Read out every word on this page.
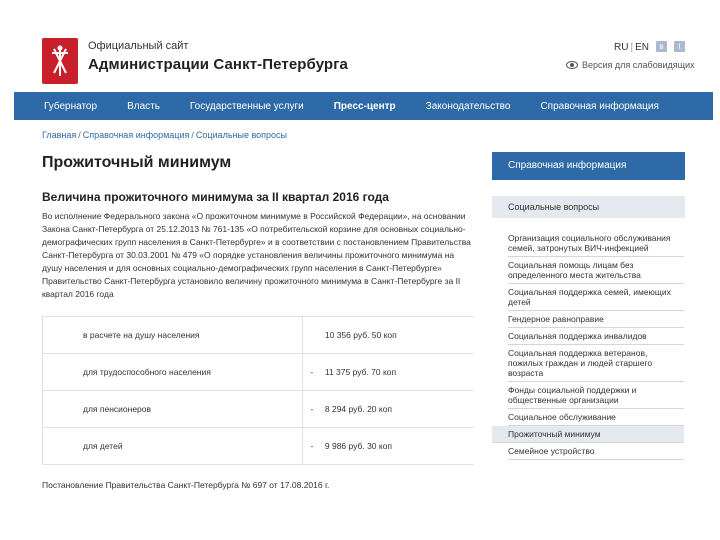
Официальный сайт
Администрации Санкт-Петербурга
RU | EN	в	t
Версия для слабовидящих
Губернатор	Власть	Государственные услуги	Пресс-центр	Законодательство	Справочная информация
Главная / Справочная информация / Социальные вопросы
Прожиточный минимум
Величина прожиточного минимума за II квартал 2016 года
Во исполнение Федерального закона «О прожиточном минимуме в Российской Федерации», на основании Закона Санкт-Петербурга от 25.12.2013 № 761-135 «О потребительской корзине для основных социально-демографических групп населения в Санкт-Петербурге» и в соответствии с постановлением Правительства Санкт-Петербурга от 30.03.2001 № 479 «О порядке установления величины прожиточного минимума на душу населения и для основных социально-демографических групп населения в Санкт-Петербурге» Правительство Санкт-Петербурга установило величину прожиточного минимума в Санкт-Петербурге за II квартал 2016 года
в расчете на душу населения		10 356 руб. 50 коп
для трудоспособного населения	-	11 375 руб. 70 коп
для пенсионеров	-	8 294 руб. 20 коп
для детей	-	9 986 руб. 30 коп
Постановление Правительства Санкт-Петербурга № 697 от 17.08.2016 г.
Справочная информация
Социальные вопросы
Организация социального обслуживания семей, затронутых ВИЧ-инфекцией
Социальная помощь лицам без определенного места жительства
Социальная поддержка семей, имеющих детей
Гендерное равноправие
Социальная поддержка инвалидов
Социальная поддержка ветеранов, пожилых граждан и людей старшего возраста
Фонды социальной поддержки и общественные организации
Социальное обслуживание
Прожиточный минимум
Семейное устройство
